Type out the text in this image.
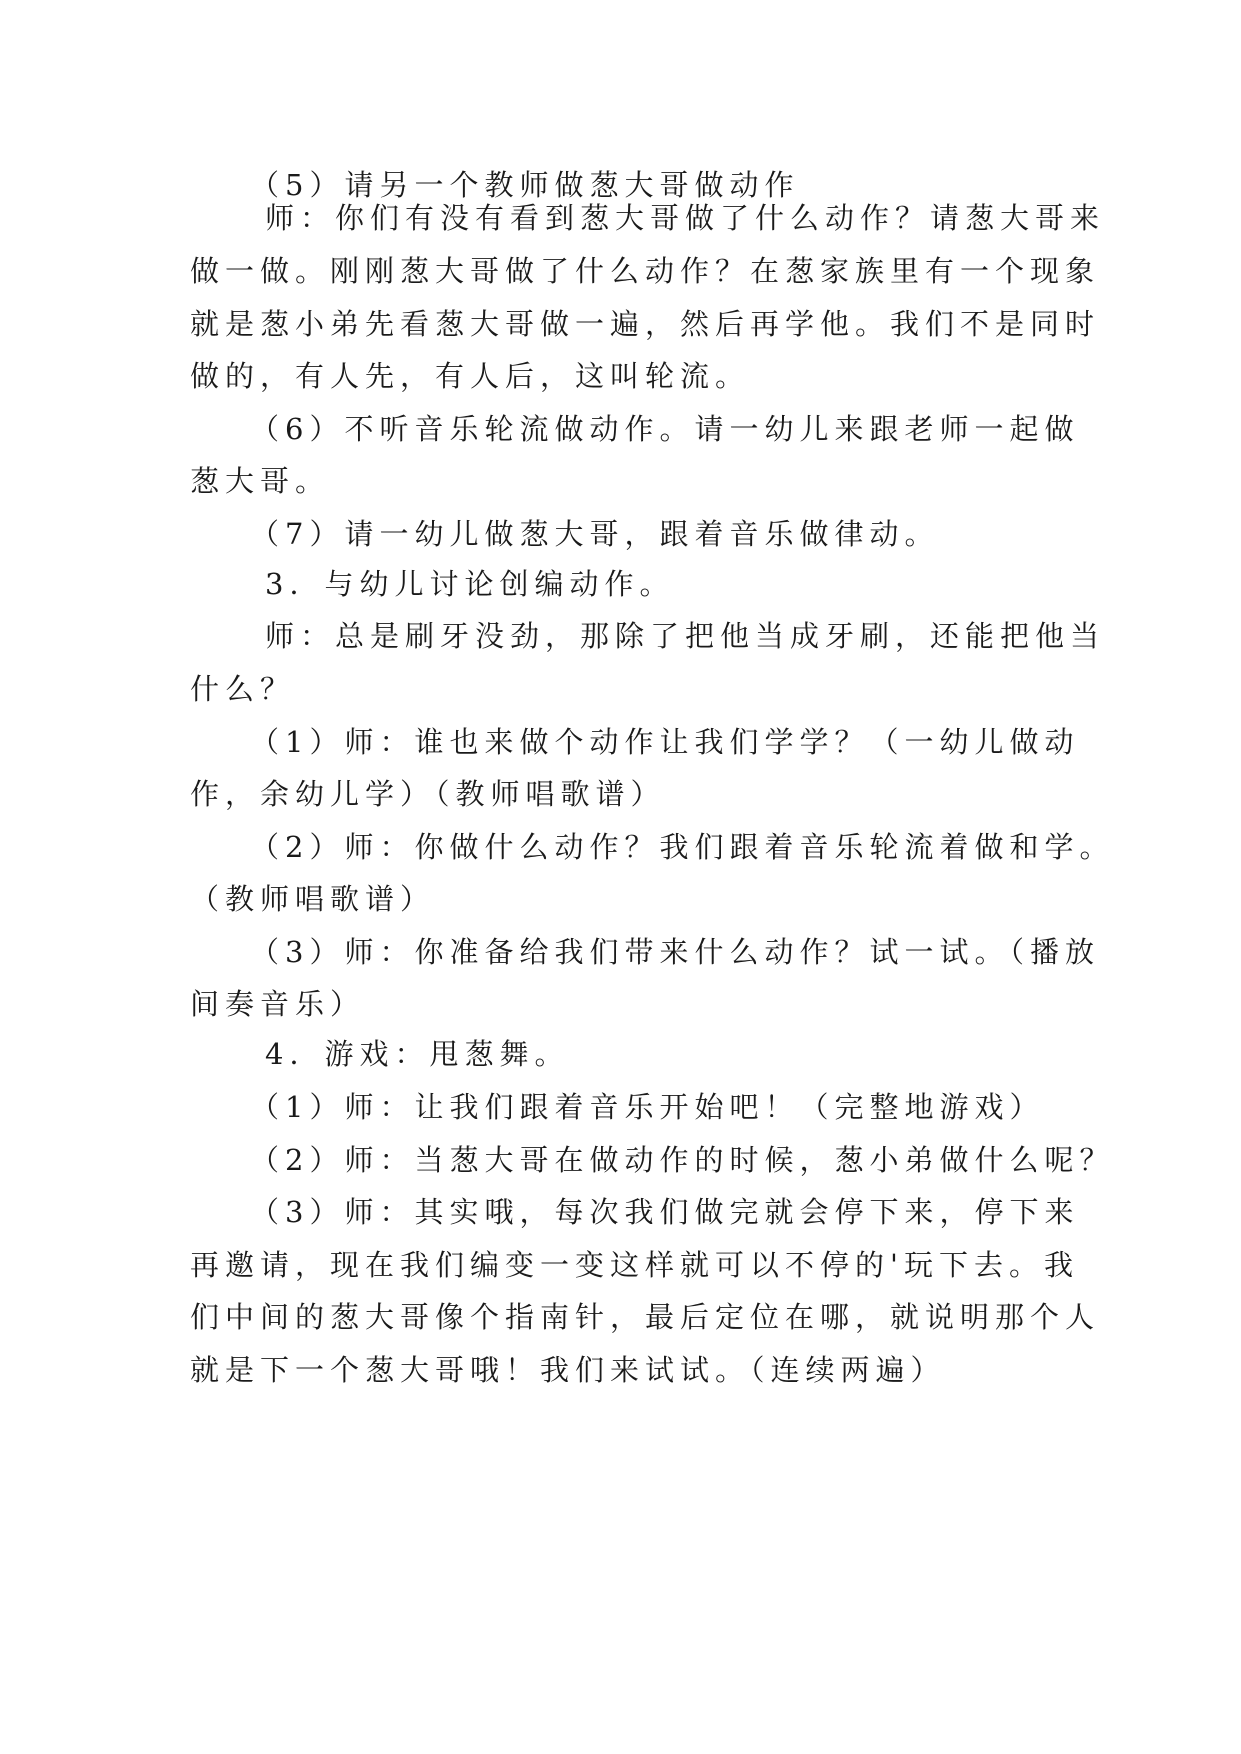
（5）请另一个教师做葱大哥做动作
师：你们有没有看到葱大哥做了什么动作？请葱大哥来
做一做。刚刚葱大哥做了什么动作？在葱家族里有一个现象
就是葱小弟先看葱大哥做一遍，然后再学他。我们不是同时
做的，有人先，有人后，这叫轮流。
（6）不听音乐轮流做动作。请一幼儿来跟老师一起做
葱大哥。
（7）请一幼儿做葱大哥，跟着音乐做律动。
3．与幼儿讨论创编动作。
师：总是刷牙没劲，那除了把他当成牙刷，还能把他当
什么？
（1）师：谁也来做个动作让我们学学？（一幼儿做动
作，余幼儿学）（教师唱歌谱）
（2）师：你做什么动作？我们跟着音乐轮流着做和学。
（教师唱歌谱）
（3）师：你准备给我们带来什么动作？试一试。（播放
间奏音乐）
4．游戏：甩葱舞。
（1）师：让我们跟着音乐开始吧！（完整地游戏）
（2）师：当葱大哥在做动作的时候，葱小弟做什么呢？
（3）师：其实哦，每次我们做完就会停下来，停下来
再邀请，现在我们编变一变这样就可以不停的'玩下去。我
们中间的葱大哥像个指南针，最后定位在哪，就说明那个人
就是下一个葱大哥哦！我们来试试。（连续两遍）
